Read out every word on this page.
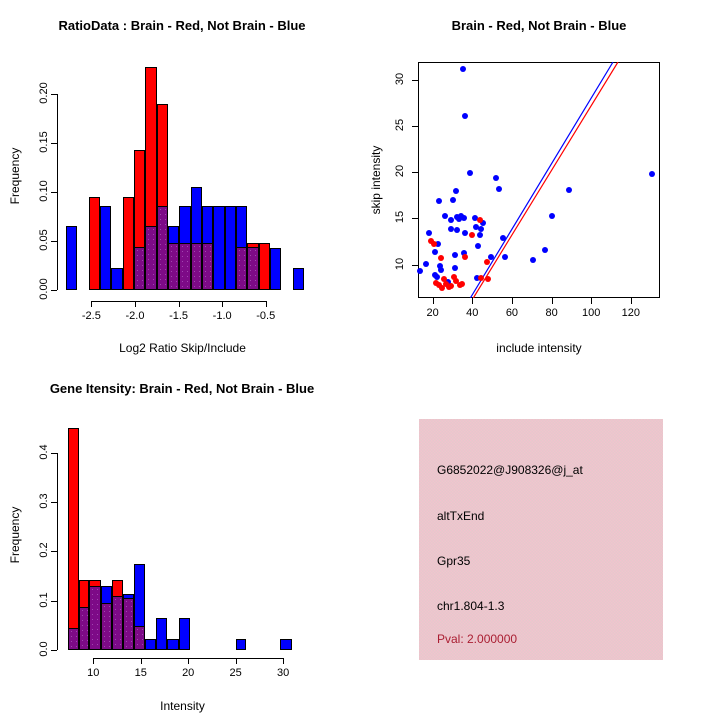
RatioData : Brain - Red, Not Brain - Blue
Log2 Ratio Skip/Include
Frequency
Brain - Red, Not Brain - Blue
include intensity
skip intensity
Gene Itensity: Brain - Red, Not Brain - Blue
Intensity
Frequency
-2.5	-2.0	-1.5	-1.0	-0.5
0.00
0.05
0.10
0.15
0.20
20	40	60	80	100	120
10
15
20
25
30
10	15	20	25	30
0.0
0.1
0.2
0.3
0.4
G6852022@J908326@j_at
altTxEnd
Gpr35
chr1.804-1.3
Pval: 2.000000
